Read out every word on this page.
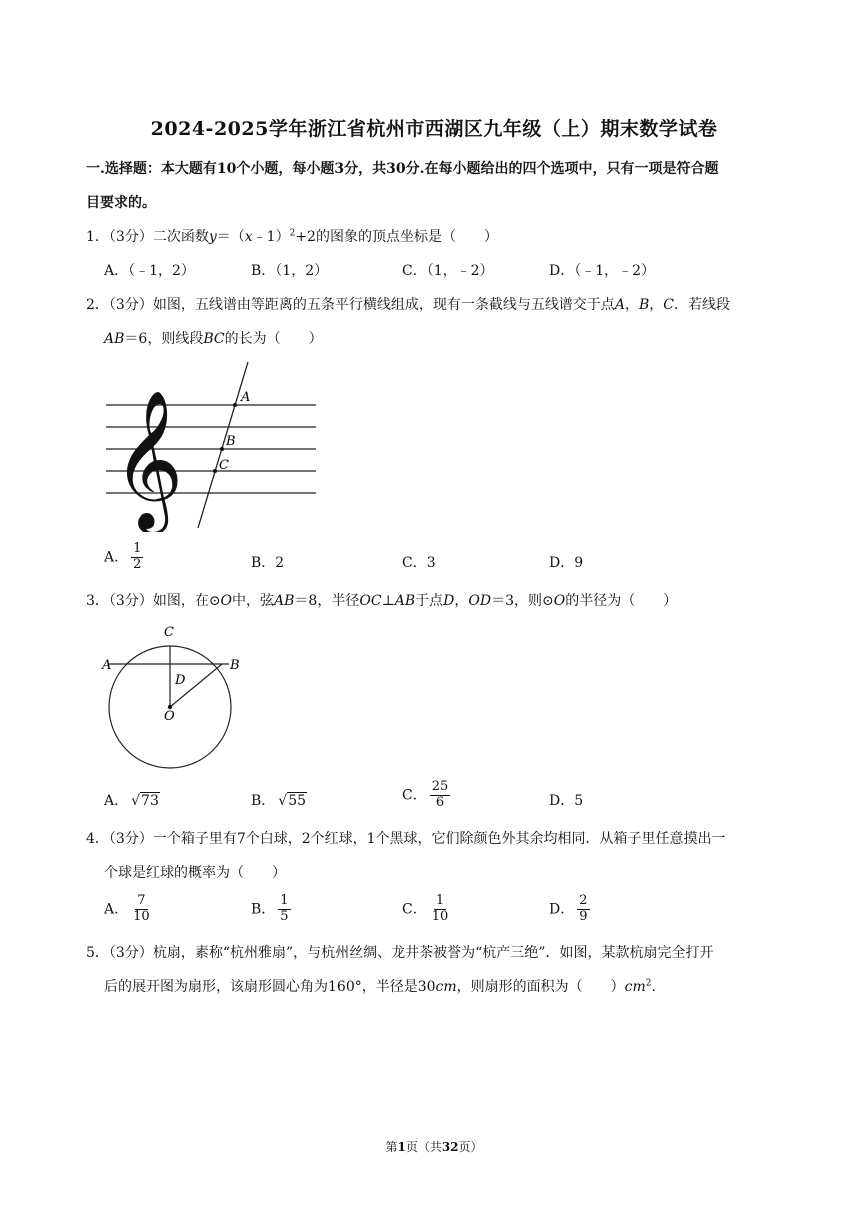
2024-2025学年浙江省杭州市西湖区九年级（上）期末数学试卷
一.选择题：本大题有10个小题，每小题3分，共30分.在每小题给出的四个选项中，只有一项是符合题
目要求的。
1．（3分）二次函数y＝（x﹣1）$^2$+2的图象的顶点坐标是（　　）
A．（﹣1，2）	B．（1，2）	C．（1，﹣2）	D．（﹣1，﹣2）
2．（3分）如图，五线谱由等距离的五条平行横线组成，现有一条截线与五线谱交于点A，B，C．若线段
AB＝6，则线段BC的长为（　　）
𝄞	A
B
C
A． $\frac{1}{2}$	B．2	C．3	D．9
3．（3分）如图，在⊙O中，弦AB＝8，半径OC⊥AB于点D，OD＝3，则⊙O的半径为（　　）
C
A	B
D
O
A． √73	B． √55	C． $\frac{25}{6}$	D．5
4．（3分）一个箱子里有7个白球，2个红球，1个黑球，它们除颜色外其余均相同．从箱子里任意摸出一
个球是红球的概率为（　　）
A． $\frac{7}{10}$	B． $\frac{1}{5}$	C． $\frac{1}{10}$	D． $\frac{2}{9}$
5．（3分）杭扇，素称“杭州雅扇”，与杭州丝绸、龙井茶被誉为“杭产三绝”．如图，某款杭扇完全打开
后的展开图为扇形，该扇形圆心角为160°，半径是30cm，则扇形的面积为（　　）$cm^2$.
第1页（共32页）
